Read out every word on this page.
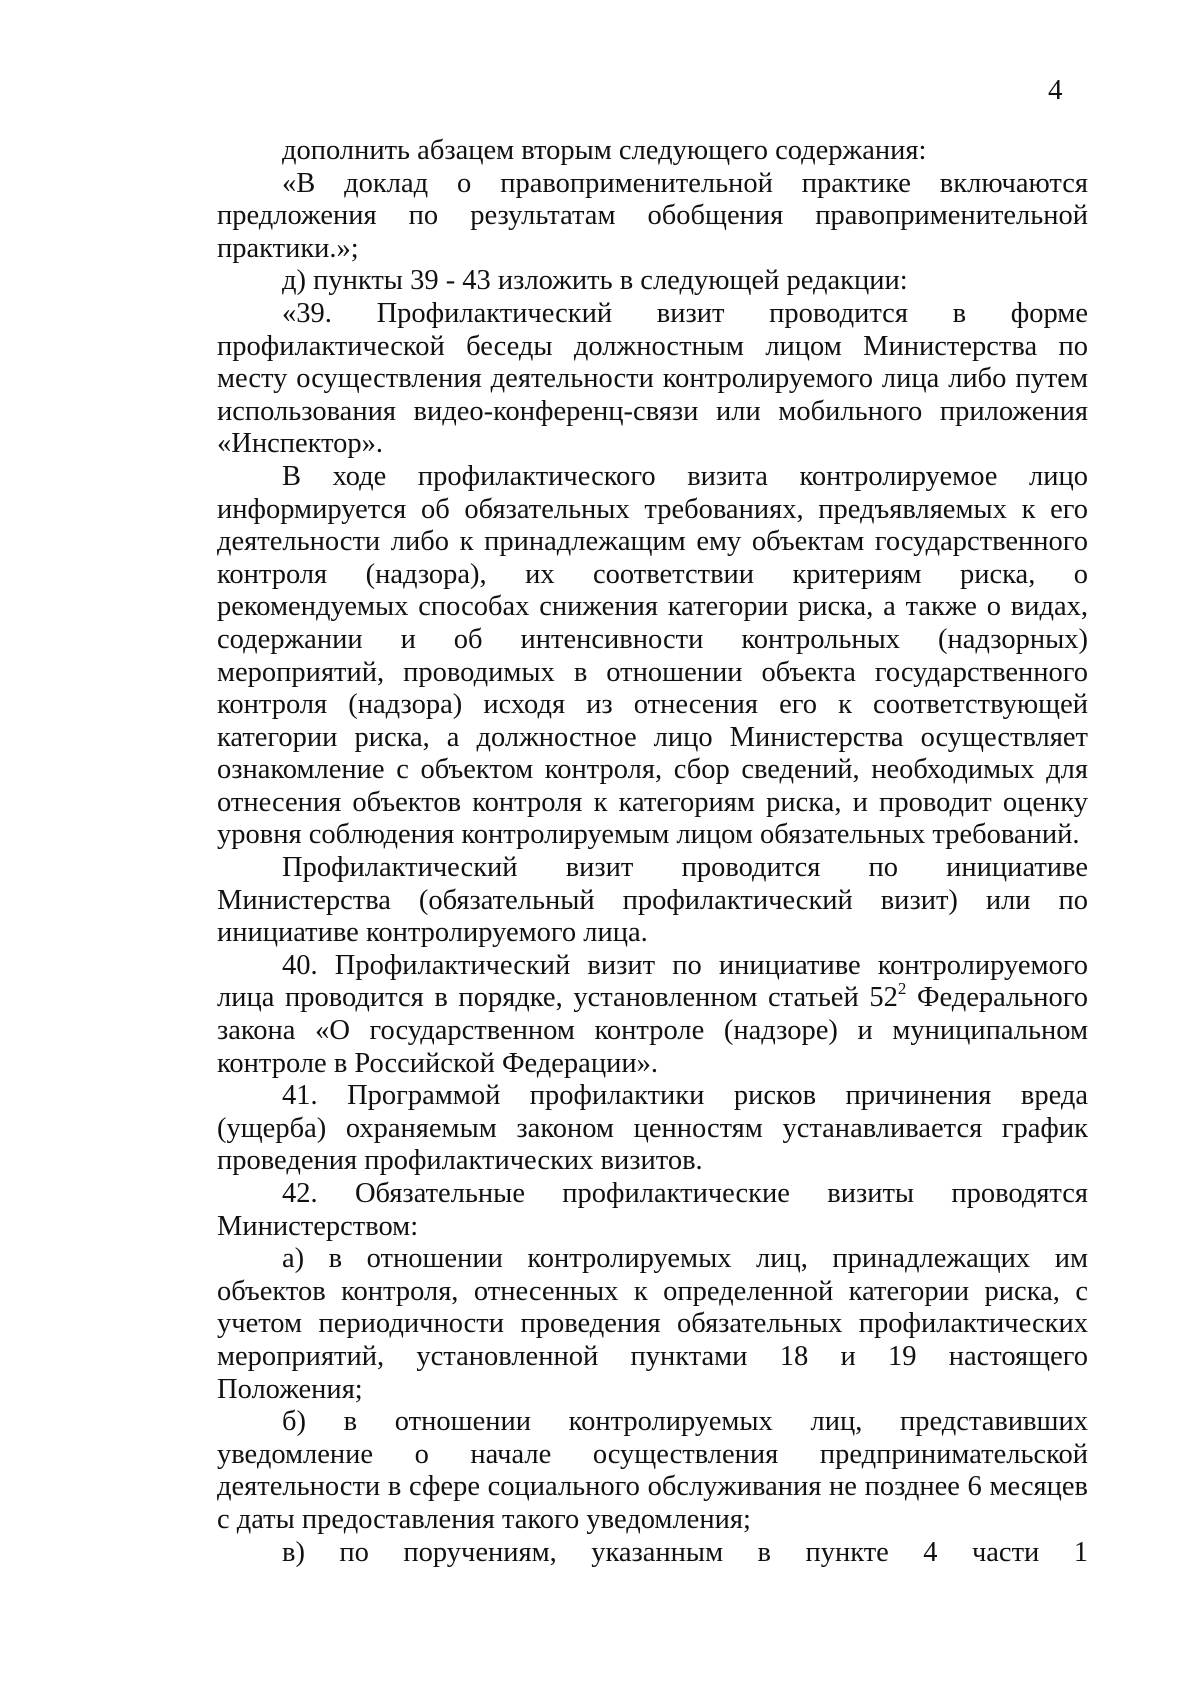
4

дополнить абзацем вторым следующего содержания:

«В доклад о правоприменительной практике включаются предложения по результатам обобщения правоприменительной практики.»;

д) пункты 39 - 43 изложить в следующей редакции:

«39. Профилактический визит проводится в форме профилактической беседы должностным лицом Министерства по месту осуществления деятельности контролируемого лица либо путем использования видео-конференц-связи или мобильного приложения «Инспектор».

В ходе профилактического визита контролируемое лицо информируется об обязательных требованиях, предъявляемых к его деятельности либо к принадлежащим ему объектам государственного контроля (надзора), их соответствии критериям риска, о рекомендуемых способах снижения категории риска, а также о видах, содержании и об интенсивности контрольных (надзорных) мероприятий, проводимых в отношении объекта государственного контроля (надзора) исходя из отнесения его к соответствующей категории риска, а должностное лицо Министерства осуществляет ознакомление с объектом контроля, сбор сведений, необходимых для отнесения объектов контроля к категориям риска, и проводит оценку уровня соблюдения контролируемым лицом обязательных требований.

Профилактический визит проводится по инициативе Министерства (обязательный профилактический визит) или по инициативе контролируемого лица.

40. Профилактический визит по инициативе контролируемого лица проводится в порядке, установленном статьей $52^2$ Федерального закона «О государственном контроле (надзоре) и муниципальном контроле в Российской Федерации».

41. Программой профилактики рисков причинения вреда (ущерба) охраняемым законом ценностям устанавливается график проведения профилактических визитов.

42. Обязательные профилактические визиты проводятся Министерством:

а) в отношении контролируемых лиц, принадлежащих им объектов контроля, отнесенных к определенной категории риска, с учетом периодичности проведения обязательных профилактических мероприятий, установленной пунктами 18 и 19 настоящего Положения;

б) в отношении контролируемых лиц, представивших уведомление о начале осуществления предпринимательской деятельности в сфере социального обслуживания не позднее 6 месяцев с даты предоставления такого уведомления;

в) по поручениям, указанным в пункте 4 части 1
